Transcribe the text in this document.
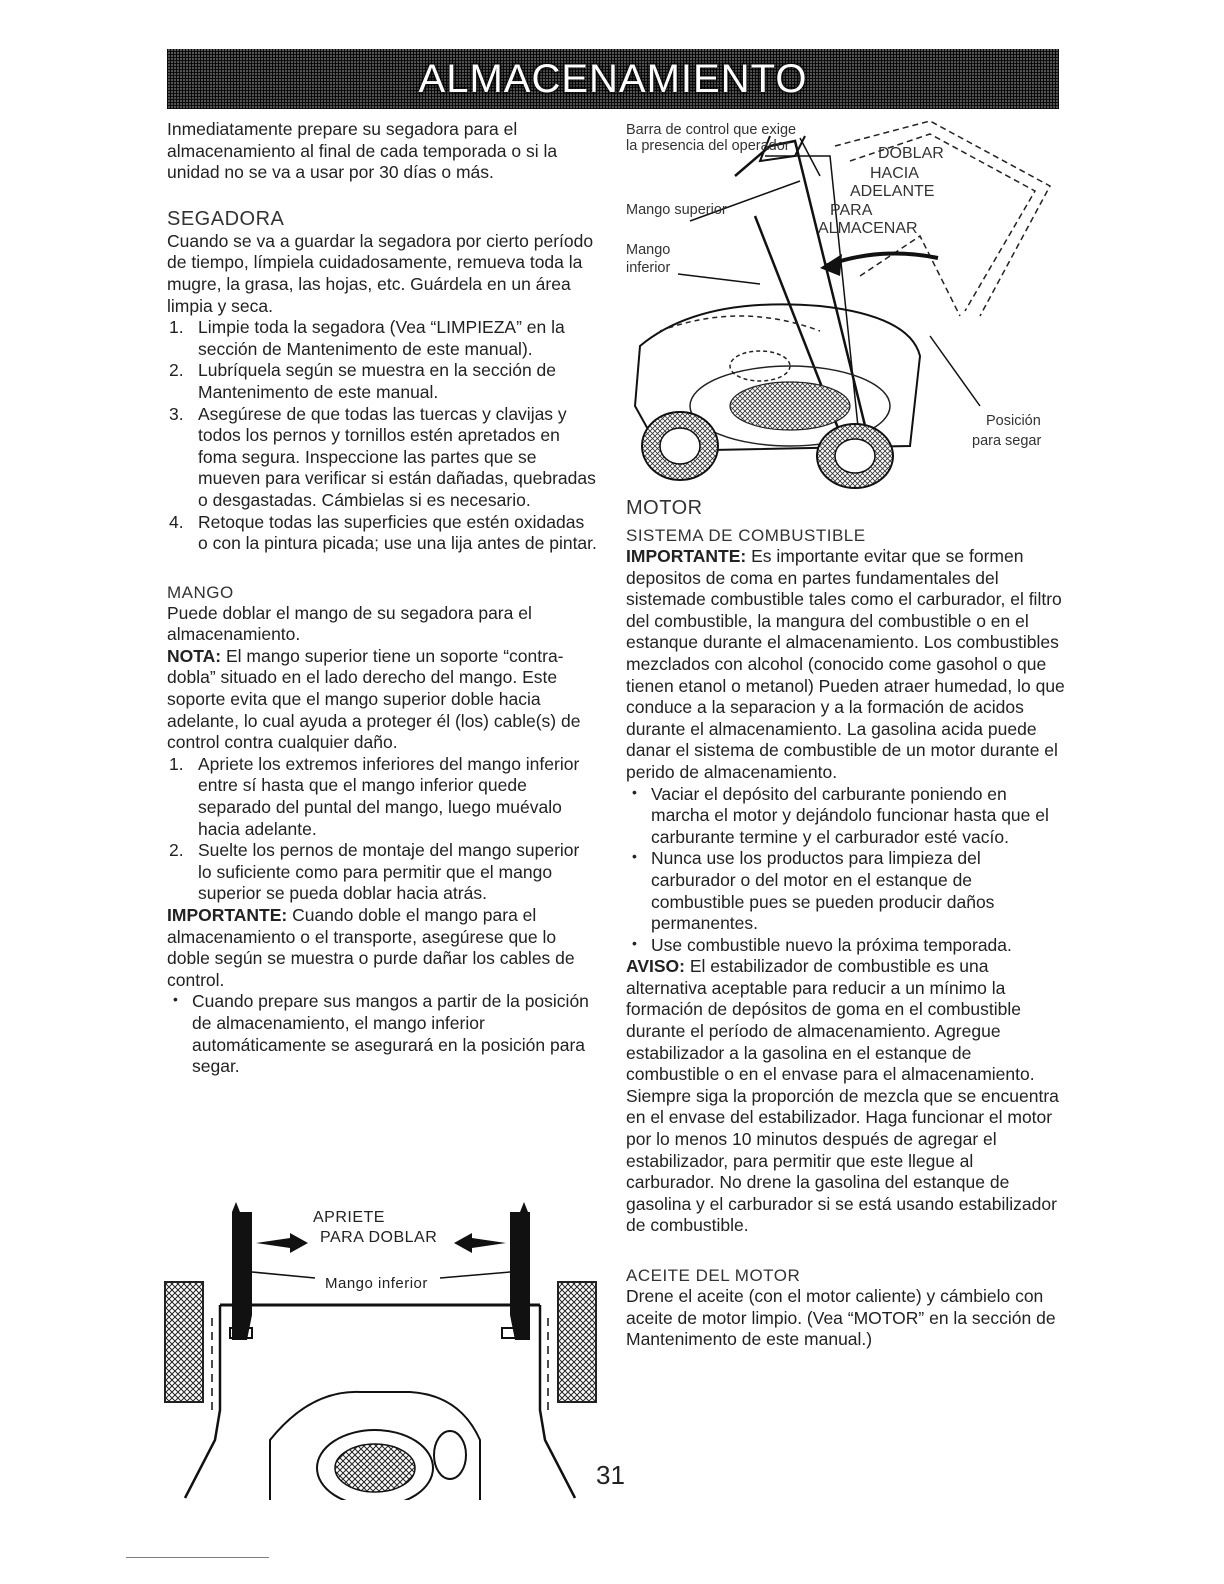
ALMACENAMIENTO

Inmediatamente prepare su segadora para el almacenamiento al final de cada temporada o si la unidad no se va a usar por 30 días o más.

SEGADORA

Cuando se va a guardar la segadora por cierto período de tiempo, límpiela cuidadosamente, remueva toda la mugre, la grasa, las hojas, etc. Guárdela en un área limpia y seca.

1. Limpie toda la segadora (Vea “LIMPIEZA” en la sección de Mantenimento de este manual).
2. Lubríquela según se muestra en la sección de Mantenimento de este manual.
3. Asegúrese de que todas las tuercas y clavijas y todos los pernos y tornillos estén apretados en foma segura. Inspeccione las partes que se mueven para verificar si están dañadas, quebradas o desgastadas. Cámbielas si es necesario.
4. Retoque todas las superficies que estén oxidadas o con la pintura picada; use una lija antes de pintar.
MANGO

Puede doblar el mango de su segadora para el almacenamiento.

NOTA: El mango superior tiene un soporte “contra-dobla” situado en el lado derecho del mango. Este soporte evita que el mango superior doble hacia adelante, lo cual ayuda a proteger él (los) cable(s) de control contra cualquier daño.

1. Apriete los extremos inferiores del mango inferior entre sí hasta que el mango inferior quede separado del puntal del mango, luego muévalo hacia adelante.
2. Suelte los pernos de montaje del mango superior lo suficiente como para permitir que el mango superior se pueda doblar hacia atrás.

IMPORTANTE: Cuando doble el mango para el almacenamiento o el transporte, asegúrese que lo doble según se muestra o purde dañar los cables de control.

• Cuando prepare sus mangos a partir de la posición de almacenamiento, el mango inferior automáticamente se asegurará en la posición para segar.
APRIETE
PARA DOBLAR
Mango inferior
Barra de control que exige la presencia del operador
Mango superior
Mango
inferior
DOBLAR
HACIA
ADELANTE
PARA
ALMACENAR
Posición
para segar
MOTOR
SISTEMA DE COMBUSTIBLE

IMPORTANTE: Es importante evitar que se formen depositos de coma en partes fundamentales del sistemade combustible tales como el carburador, el filtro del combustible, la mangura del combustible o en el estanque durante el almacenamiento. Los combustibles mezclados con alcohol (conocido come gasohol o que tienen etanol o metanol) Pueden atraer humedad, lo que conduce a la separacion y a la formación de acidos durante el almacenamiento. La gasolina acida puede danar el sistema de combustible de un motor durante el perido de almacenamiento.

• Vaciar el depósito del carburante poniendo en marcha el motor y dejándolo funcionar hasta que el carburante termine y el carburador esté vacío.
• Nunca use los productos para limpieza del carburador o del motor en el estanque de combustible pues se pueden producir daños permanentes.
• Use combustible nuevo la próxima temporada.

AVISO: El estabilizador de combustible es una alternativa aceptable para reducir a un mínimo la formación de depósitos de goma en el combustible durante el período de almacenamiento. Agregue estabilizador a la gasolina en el estanque de combustible o en el envase para el almacenamiento. Siempre siga la proporción de mezcla que se encuentra en el envase del estabilizador. Haga funcionar el motor por lo menos 10 minutos después de agregar el estabilizador, para permitir que este llegue al carburador. No drene la gasolina del estanque de gasolina y el carburador si se está usando estabilizador de combustible.

ACEITE DEL MOTOR

Drene el aceite (con el motor caliente) y cámbielo con aceite de motor limpio. (Vea “MOTOR” en la sección de Mantenimento de este manual.)

31
